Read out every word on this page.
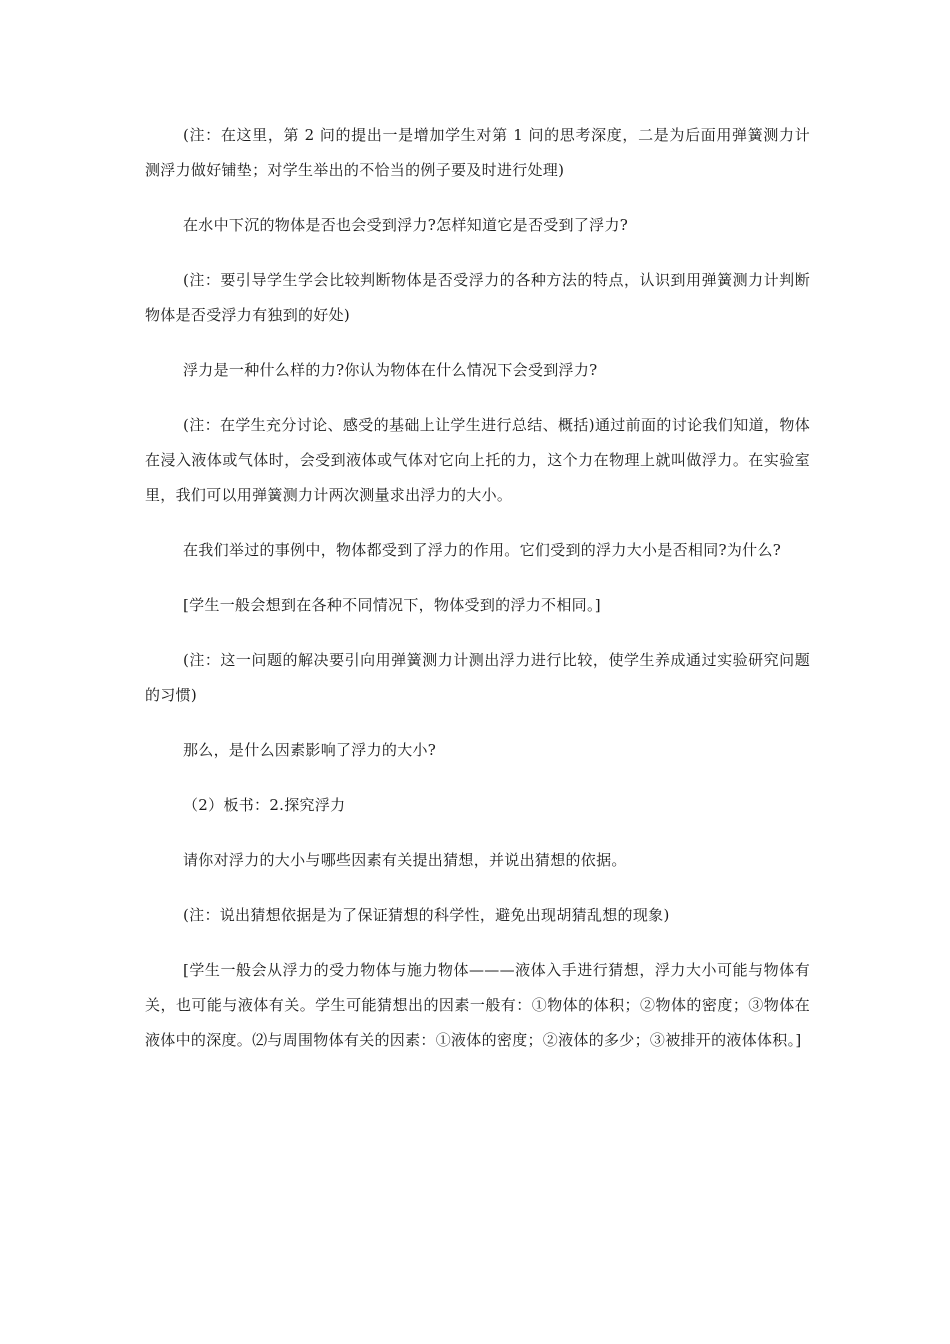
(注：在这里，第 2 问的提出一是增加学生对第 1 问的思考深度，二是为后面用弹簧测力计测浮力做好铺垫；对学生举出的不恰当的例子要及时进行处理)

在水中下沉的物体是否也会受到浮力?怎样知道它是否受到了浮力?

(注：要引导学生学会比较判断物体是否受浮力的各种方法的特点，认识到用弹簧测力计判断物体是否受浮力有独到的好处)

浮力是一种什么样的力?你认为物体在什么情况下会受到浮力?

(注：在学生充分讨论、感受的基础上让学生进行总结、概括)通过前面的讨论我们知道，物体在浸入液体或气体时，会受到液体或气体对它向上托的力，这个力在物理上就叫做浮力。在实验室里，我们可以用弹簧测力计两次测量求出浮力的大小。

在我们举过的事例中，物体都受到了浮力的作用。它们受到的浮力大小是否相同?为什么?

[学生一般会想到在各种不同情况下，物体受到的浮力不相同。]

(注：这一问题的解决要引向用弹簧测力计测出浮力进行比较，使学生养成通过实验研究问题的习惯)

那么，是什么因素影响了浮力的大小?

（2）板书：2.探究浮力

请你对浮力的大小与哪些因素有关提出猜想，并说出猜想的依据。

(注：说出猜想依据是为了保证猜想的科学性，避免出现胡猜乱想的现象)

[学生一般会从浮力的受力物体与施力物体———液体入手进行猜想，浮力大小可能与物体有关，也可能与液体有关。学生可能猜想出的因素一般有：①物体的体积；②物体的密度；③物体在液体中的深度。⑵与周围物体有关的因素：①液体的密度；②液体的多少；③被排开的液体体积。]
